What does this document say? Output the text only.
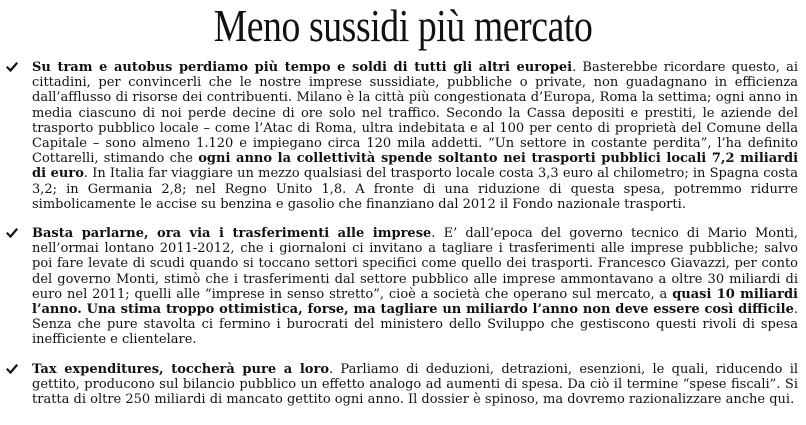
Meno sussidi più mercato

Su tram e autobus perdiamo più tempo e soldi di tutti gli altri europei. Basterebbe ricordare questo, ai cittadini, per convincerli che le nostre imprese sussidiate, pubbliche o private, non guadagnano in efficienza dall’afflusso di risorse dei contribuenti. Milano è la città più congestionata d’Europa, Roma la settima; ogni anno in media ciascuno di noi perde decine di ore solo nel traffico. Secondo la Cassa depositi e prestiti, le aziende del trasporto pubblico locale – come l’Atac di Roma, ultra indebitata e al 100 per cento di proprietà del Comune della Capitale – sono almeno 1.120 e impiegano circa 120 mila addetti. “Un settore in costante perdita”, l’ha definito Cottarelli, stimando che ogni anno la collettività spende soltanto nei trasporti pubblici locali 7,2 miliardi di euro. In Italia far viaggiare un mezzo qualsiasi del trasporto locale costa 3,3 euro al chilometro; in Spagna costa 3,2; in Germania 2,8; nel Regno Unito 1,8. A fronte di una riduzione di questa spesa, potremmo ridurre simbolicamente le accise su benzina e gasolio che finanziano dal 2012 il Fondo nazionale trasporti.

Basta parlarne, ora via i trasferimenti alle imprese. E’ dall’epoca del governo tecnico di Mario Monti, nell’ormai lontano 2011-2012, che i giornaloni ci invitano a tagliare i trasferimenti alle imprese pubbliche; salvo poi fare levate di scudi quando si toccano settori specifici come quello dei trasporti. Francesco Giavazzi, per conto del governo Monti, stimò che i trasferimenti dal settore pubblico alle imprese ammontavano a oltre 30 miliardi di euro nel 2011; quelli alle “imprese in senso stretto”, cioè a società che operano sul mercato, a quasi 10 miliardi l’anno. Una stima troppo ottimistica, forse, ma tagliare un miliardo l’anno non deve essere così difficile. Senza che pure stavolta ci fermino i burocrati del ministero dello Sviluppo che gestiscono questi rivoli di spesa inefficiente e clientelare.

Tax expenditures, toccherà pure a loro. Parliamo di deduzioni, detrazioni, esenzioni, le quali, riducendo il gettito, producono sul bilancio pubblico un effetto analogo ad aumenti di spesa. Da ciò il termine “spese fiscali”. Si tratta di oltre 250 miliardi di mancato gettito ogni anno. Il dossier è spinoso, ma dovremo razionalizzare anche qui.
